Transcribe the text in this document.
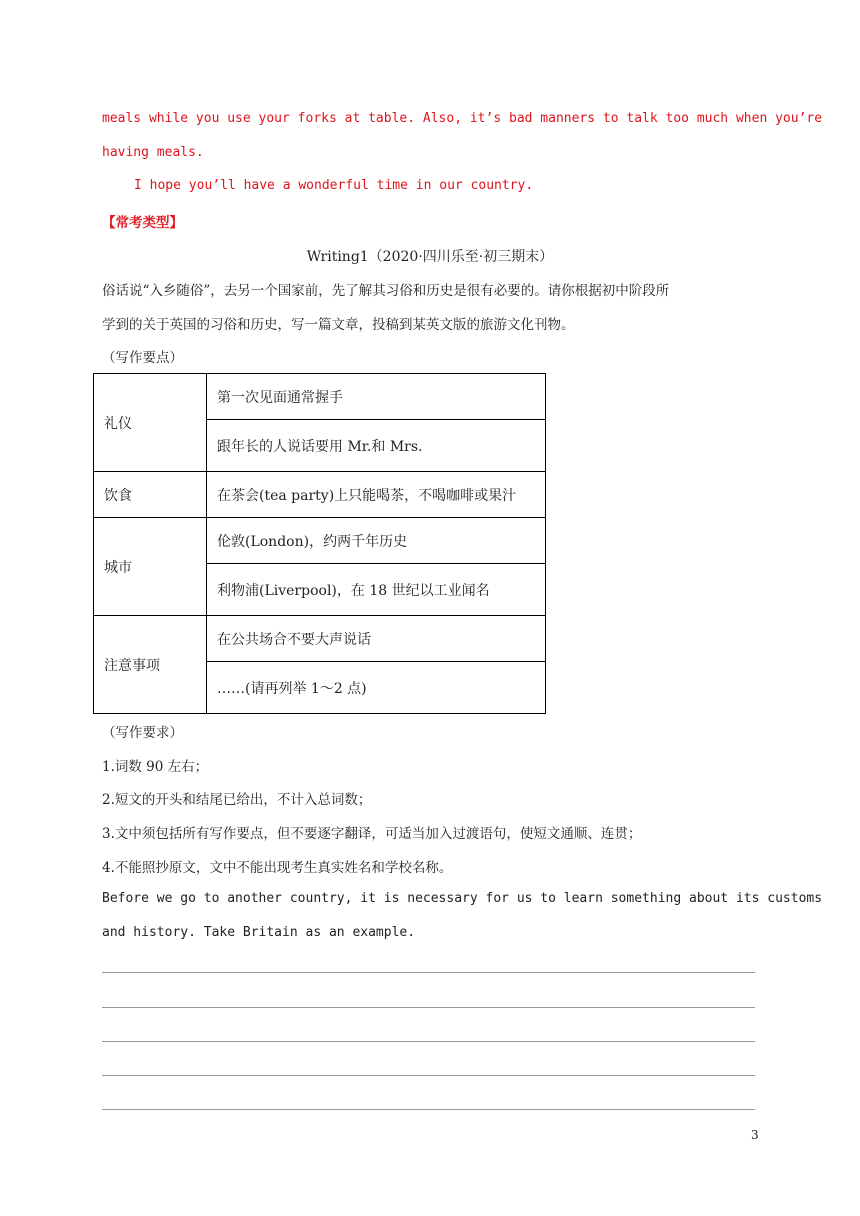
meals while you use your forks at table. Also, it’s bad manners to talk too much when you’re
having meals.
I hope you’ll have a wonderful time in our country.
【常考类型】
Writing1（2020·四川乐至·初三期末）
俗话说“入乡随俗”，去另一个国家前，先了解其习俗和历史是很有必要的。请你根据初中阶段所
学到的关于英国的习俗和历史，写一篇文章，投稿到某英文版的旅游文化刊物。
（写作要点）
礼仪	第一次见面通常握手
	跟年长的人说话要用 Mr.和 Mrs.
饮食	在茶会(tea party)上只能喝茶，不喝咖啡或果汁
城市	伦敦(London)，约两千年历史
	利物浦(Liverpool)，在 18 世纪以工业闻名
注意事项	在公共场合不要大声说话
	……(请再列举 1～2 点)
（写作要求）
1.词数 90 左右；
2.短文的开头和结尾已给出，不计入总词数；
3.文中须包括所有写作要点，但不要逐字翻译，可适当加入过渡语句，使短文通顺、连贯；
4.不能照抄原文，文中不能出现考生真实姓名和学校名称。
Before we go to another country, it is necessary for us to learn something about its customs
and history. Take Britain as an example.
3
